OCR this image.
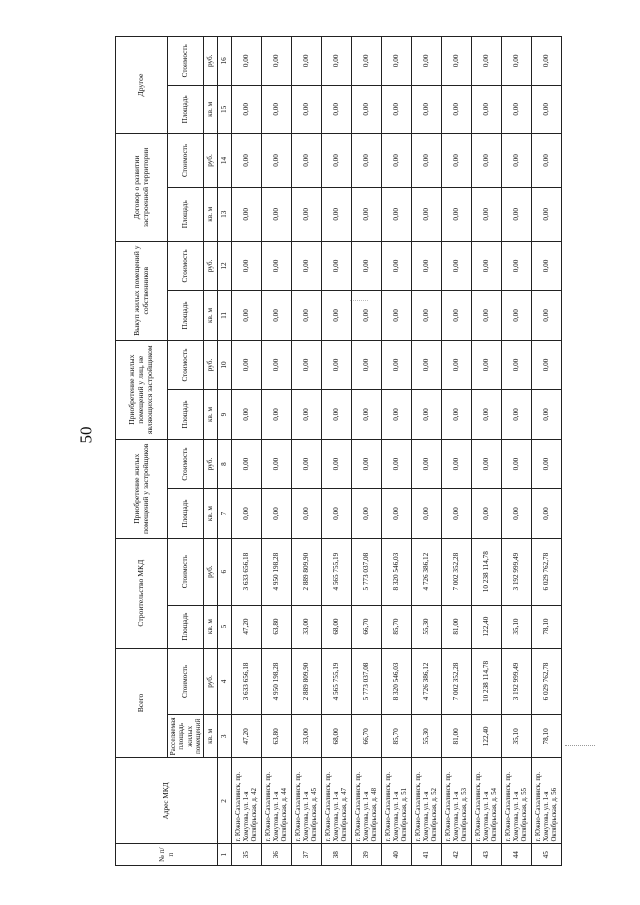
50
№ п/п	Адрес МКД	Всего		Строительство МКД		Приобретение жилых помещений у застройщиков		Приобретение жилых помещений у лиц, не являющихся застройщиком		Выкуп жилых помещений у собственников		Договор о развитии застроенной территории		Другое	
		Расселяемая площадь жилых помещений	Стоимость	Площадь	Стоимость	Площадь	Стоимость	Площадь	Стоимость	Площадь	Стоимость	Площадь	Стоимость	Площадь	Стоимость
		кв. м	руб.	кв. м	руб.	кв. м	руб.	кв. м	руб.	кв. м	руб.	кв. м	руб.	кв. м	руб.
1	2	3	4	5	6	7	8	9	10	11	12	13	14	15	16
35	г. Южно-Сахалинск, пр. Хомутова, ул. 1-я Октябрьская, д. 42	47,20	3 633 656,18	47,20	3 633 656,18	0,00	0,00	0,00	0,00	0,00	0,00	0,00	0,00	0,00	0,00
36	г. Южно-Сахалинск, пр. Хомутова, ул. 1-я Октябрьская, д. 44	63,80	4 950 198,28	63,80	4 950 198,28	0,00	0,00	0,00	0,00	0,00	0,00	0,00	0,00	0,00	0,00
37	г. Южно-Сахалинск, пр. Хомутова, ул. 1-я Октябрьская, д. 45	33,00	2 889 809,90	33,00	2 889 809,90	0,00	0,00	0,00	0,00	0,00	0,00	0,00	0,00	0,00	0,00
38	г. Южно-Сахалинск, пр. Хомутова, ул. 1-я Октябрьская, д. 47	68,00	4 565 755,19	68,00	4 565 755,19	0,00	0,00	0,00	0,00	0,00	0,00	0,00	0,00	0,00	0,00
39	г. Южно-Сахалинск, пр. Хомутова, ул. 1-я Октябрьская, д. 48	66,70	5 773 037,08	66,70	5 773 037,08	0,00	0,00	0,00	0,00	0,00	0,00	0,00	0,00	0,00	0,00
40	г. Южно-Сахалинск, пр. Хомутова, ул. 1-я Октябрьская, д. 51	85,70	8 320 546,03	85,70	8 320 546,03	0,00	0,00	0,00	0,00	0,00	0,00	0,00	0,00	0,00	0,00
41	г. Южно-Сахалинск, пр. Хомутова, ул. 1-я Октябрьская, д. 52	55,30	4 726 386,12	55,30	4 726 386,12	0,00	0,00	0,00	0,00	0,00	0,00	0,00	0,00	0,00	0,00
42	г. Южно-Сахалинск, пр. Хомутова, ул. 1-я Октябрьская, д. 53	81,00	7 002 352,28	81,00	7 002 352,28	0,00	0,00	0,00	0,00	0,00	0,00	0,00	0,00	0,00	0,00
43	г. Южно-Сахалинск, пр. Хомутова, ул. 1-я Октябрьская, д. 54	122,40	10 238 114,78	122,40	10 238 114,78	0,00	0,00	0,00	0,00	0,00	0,00	0,00	0,00	0,00	0,00
44	г. Южно-Сахалинск, пр. Хомутова, ул. 1-я Октябрьская, д. 55	35,10	3 192 999,49	35,10	3 192 999,49	0,00	0,00	0,00	0,00	0,00	0,00	0,00	0,00	0,00	0,00
45	г. Южно-Сахалинск, пр. Хомутова, ул. 1-я Октябрьская, д. 56	78,10	6 029 762,78	78,10	6 029 762,78	0,00	0,00	0,00	0,00	0,00	0,00	0,00	0,00	0,00	0,00
